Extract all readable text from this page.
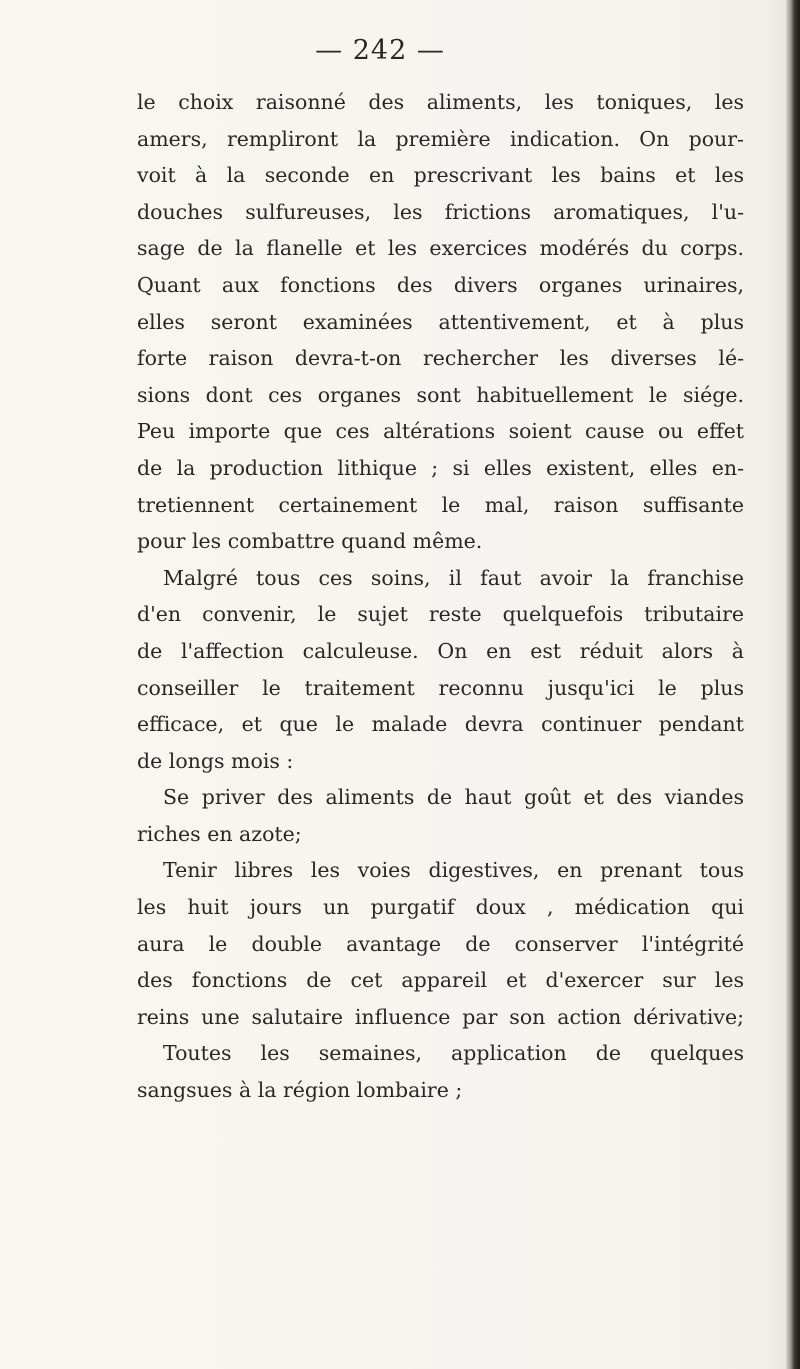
— 242 —
le choix raisonné des aliments, les toniques, les
amers, rempliront la première indication. On pour-
voit à la seconde en prescrivant les bains et les
douches sulfureuses, les frictions aromatiques, l'u-
sage de la flanelle et les exercices modérés du corps.
Quant aux fonctions des divers organes urinaires,
elles seront examinées attentivement, et à plus
forte raison devra-t-on rechercher les diverses lé-
sions dont ces organes sont habituellement le siége.
Peu importe que ces altérations soient cause ou effet
de la production lithique ; si elles existent, elles en-
tretiennent certainement le mal, raison suffisante
pour les combattre quand même.
Malgré tous ces soins, il faut avoir la franchise
d'en convenir, le sujet reste quelquefois tributaire
de l'affection calculeuse. On en est réduit alors à
conseiller le traitement reconnu jusqu'ici le plus
efficace, et que le malade devra continuer pendant
de longs mois :
Se priver des aliments de haut goût et des viandes
riches en azote;
Tenir libres les voies digestives, en prenant tous
les huit jours un purgatif doux , médication qui
aura le double avantage de conserver l'intégrité
des fonctions de cet appareil et d'exercer sur les
reins une salutaire influence par son action dérivative;
Toutes les semaines, application de quelques
sangsues à la région lombaire ;
